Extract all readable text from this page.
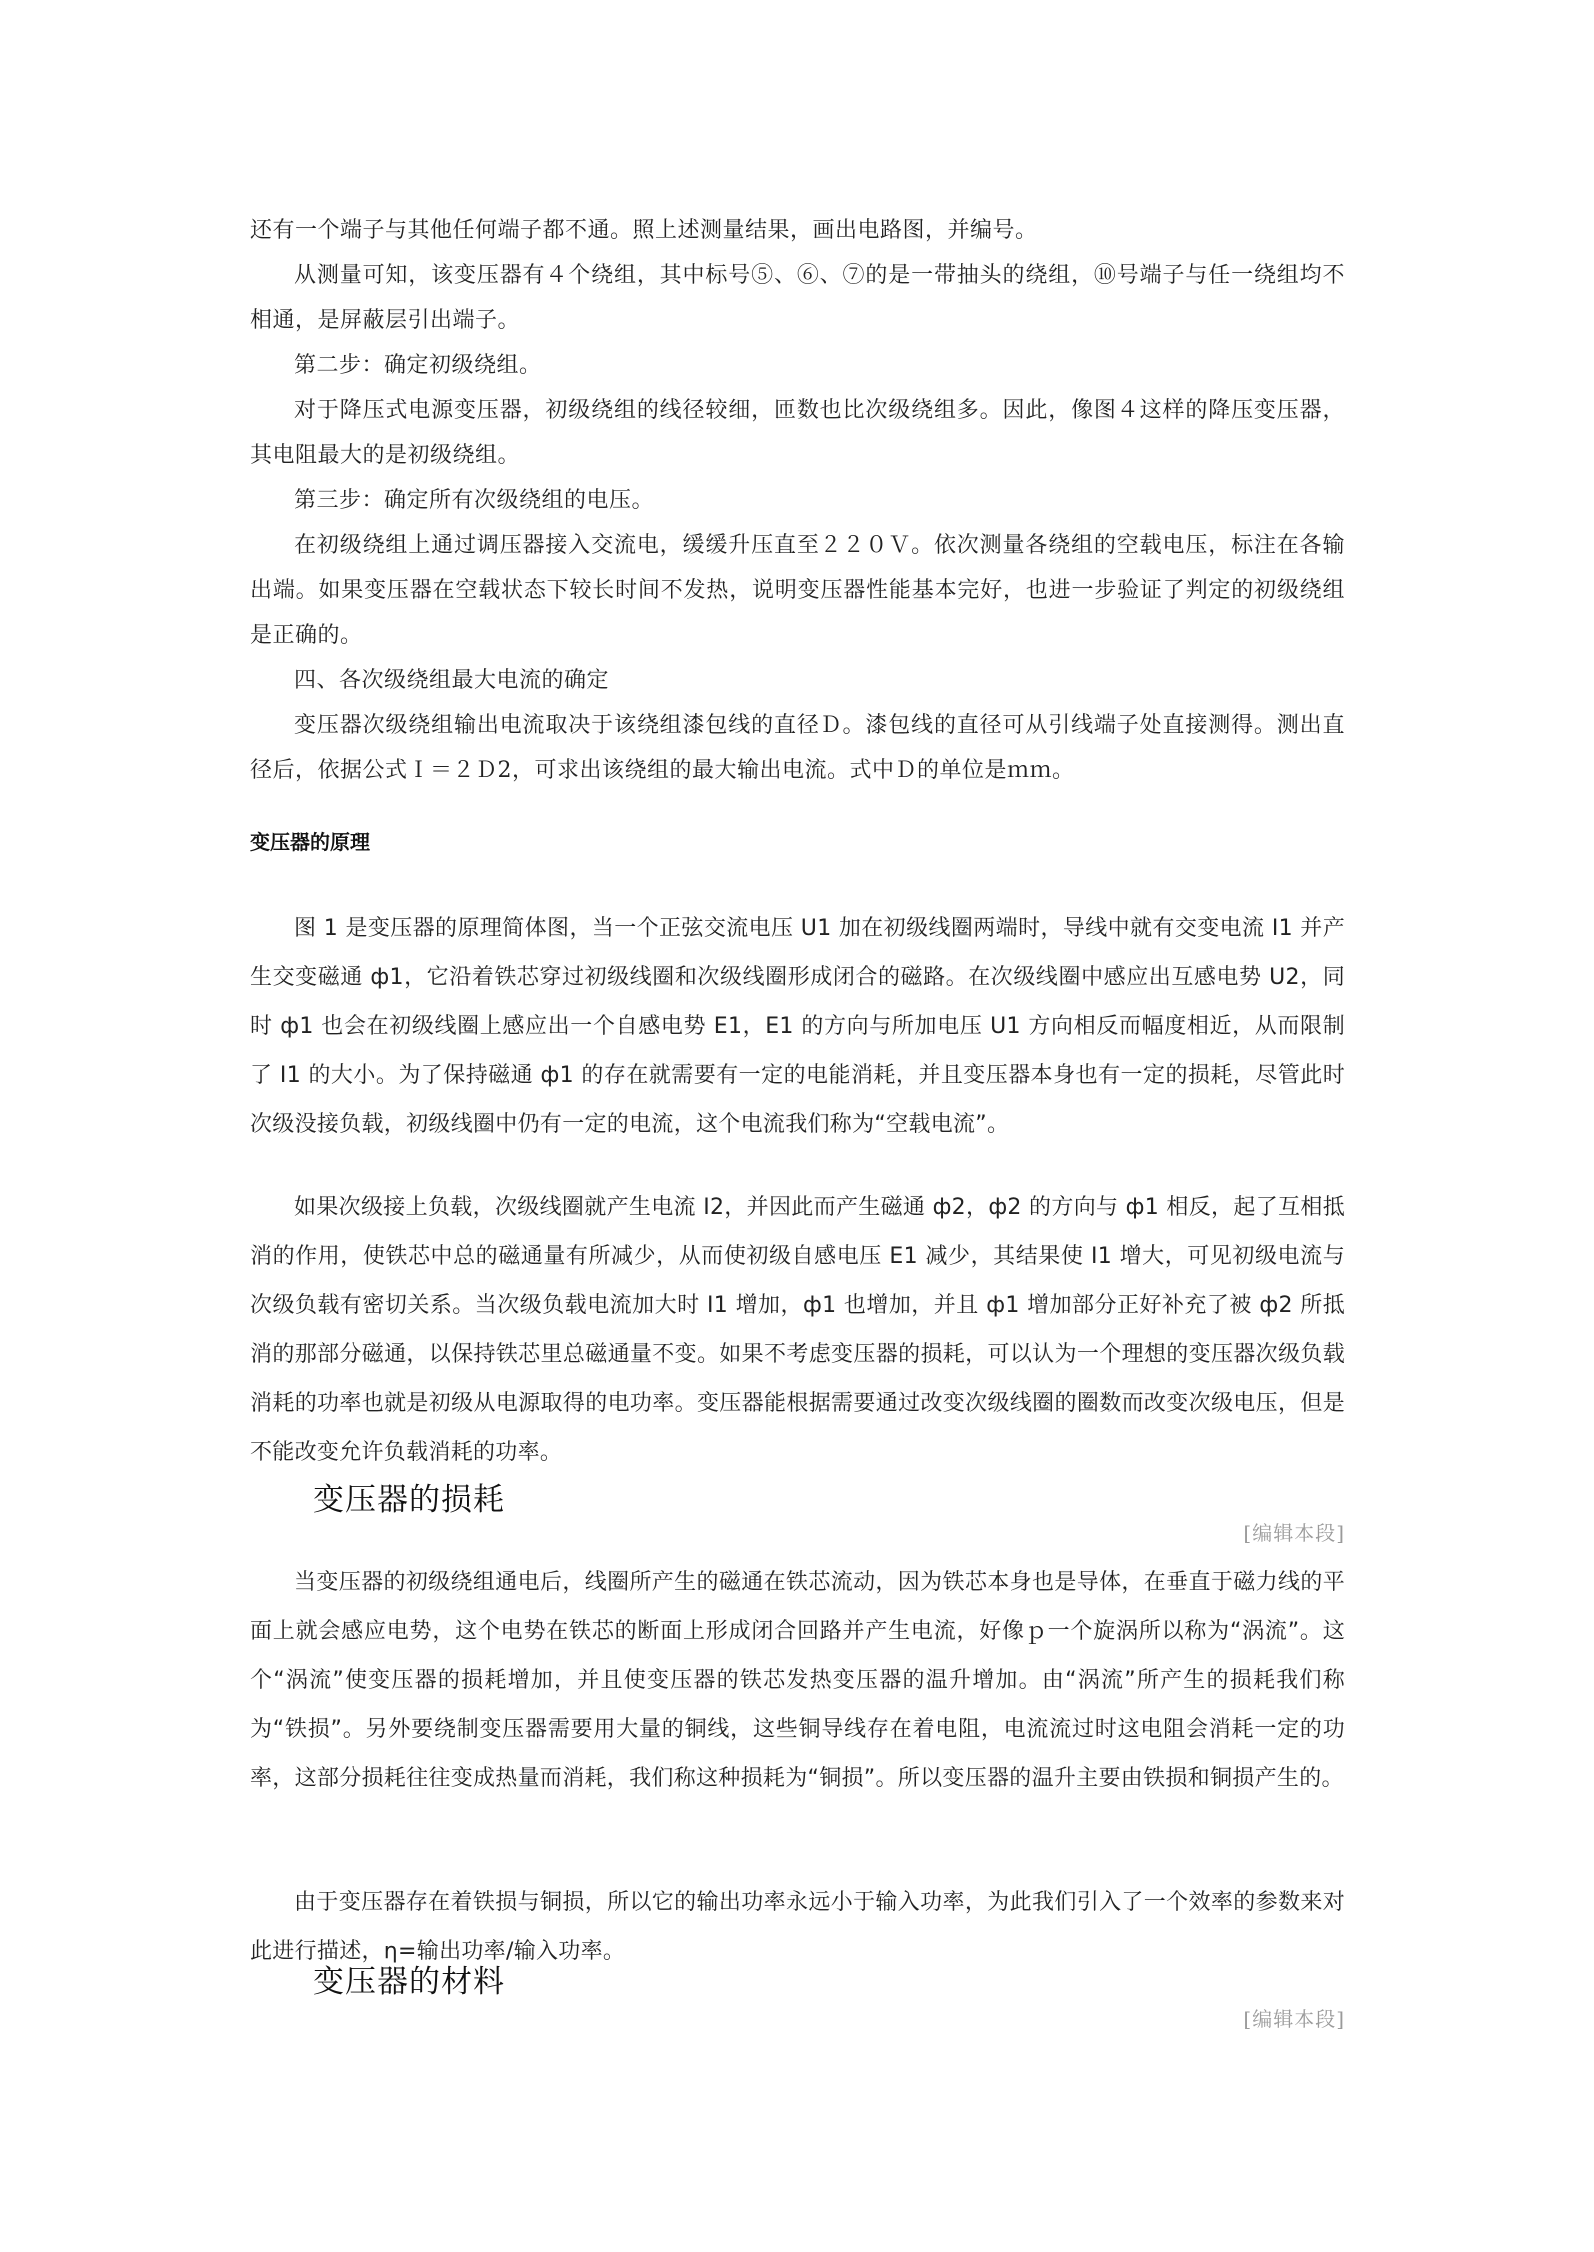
还有一个端子与其他任何端子都不通。照上述测量结果，画出电路图，并编号。

从测量可知，该变压器有４个绕组，其中标号⑤、⑥、⑦的是一带抽头的绕组，⑩号端子与任一绕组均不相通，是屏蔽层引出端子。

第二步：确定初级绕组。

对于降压式电源变压器，初级绕组的线径较细，匝数也比次级绕组多。因此，像图４这样的降压变压器，其电阻最大的是初级绕组。

第三步：确定所有次级绕组的电压。

在初级绕组上通过调压器接入交流电，缓缓升压直至２２０Ｖ。依次测量各绕组的空载电压，标注在各输出端。如果变压器在空载状态下较长时间不发热，说明变压器性能基本完好，也进一步验证了判定的初级绕组是正确的。

四、各次级绕组最大电流的确定

变压器次级绕组输出电流取决于该绕组漆包线的直径Ｄ。漆包线的直径可从引线端子处直接测得。测出直径后，依据公式Ｉ＝２Ｄ2，可求出该绕组的最大输出电流。式中Ｄ的单位是ｍｍ。

变压器的原理

图 1 是变压器的原理简体图，当一个正弦交流电压 U1 加在初级线圈两端时，导线中就有交变电流 I1 并产生交变磁通 ф1，它沿着铁芯穿过初级线圈和次级线圈形成闭合的磁路。在次级线圈中感应出互感电势 U2，同时 ф1 也会在初级线圈上感应出一个自感电势 E1，E1 的方向与所加电压 U1 方向相反而幅度相近，从而限制了 I1 的大小。为了保持磁通 ф1 的存在就需要有一定的电能消耗，并且变压器本身也有一定的损耗，尽管此时次级没接负载，初级线圈中仍有一定的电流，这个电流我们称为“空载电流”。

如果次级接上负载，次级线圈就产生电流 I2，并因此而产生磁通 ф2，ф2 的方向与 ф1 相反，起了互相抵消的作用，使铁芯中总的磁通量有所减少，从而使初级自感电压 E1 减少，其结果使 I1 增大，可见初级电流与次级负载有密切关系。当次级负载电流加大时 I1 增加，ф1 也增加，并且 ф1 增加部分正好补充了被 ф2 所抵消的那部分磁通，以保持铁芯里总磁通量不变。如果不考虑变压器的损耗，可以认为一个理想的变压器次级负载消耗的功率也就是初级从电源取得的电功率。变压器能根据需要通过改变次级线圈的圈数而改变次级电压，但是不能改变允许负载消耗的功率。

变压器的损耗

[编辑本段]

当变压器的初级绕组通电后，线圈所产生的磁通在铁芯流动，因为铁芯本身也是导体，在垂直于磁力线的平面上就会感应电势，这个电势在铁芯的断面上形成闭合回路并产生电流，好像ｐ一个旋涡所以称为“涡流”。这个“涡流”使变压器的损耗增加，并且使变压器的铁芯发热变压器的温升增加。由“涡流”所产生的损耗我们称为“铁损”。另外要绕制变压器需要用大量的铜线，这些铜导线存在着电阻，电流流过时这电阻会消耗一定的功率，这部分损耗往往变成热量而消耗，我们称这种损耗为“铜损”。所以变压器的温升主要由铁损和铜损产生的。

由于变压器存在着铁损与铜损，所以它的输出功率永远小于输入功率，为此我们引入了一个效率的参数来对此进行描述，η=输出功率/输入功率。

变压器的材料

[编辑本段]
